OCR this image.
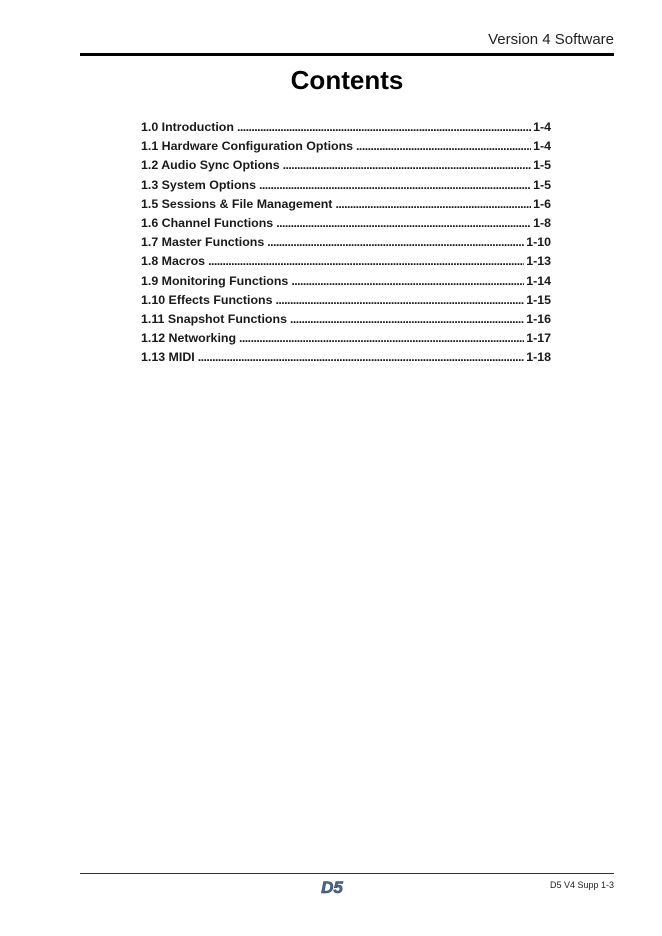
Version 4 Software
Contents
1.0 Introduction . . .	1-4
1.1 Hardware Configuration Options . . .	1-4
1.2 Audio Sync Options . . .	1-5
1.3 System Options . . .	1-5
1.5 Sessions & File Management . . .	1-6
1.6 Channel Functions . . .	1-8
1.7 Master Functions . . .	1-10
1.8 Macros . . .	1-13
1.9 Monitoring Functions . . .	1-14
1.10 Effects Functions . . .	1-15
1.11 Snapshot Functions . . .	1-16
1.12 Networking . . .	1-17
1.13 MIDI . . .	1-18
D5	D5 V4 Supp 1-3
